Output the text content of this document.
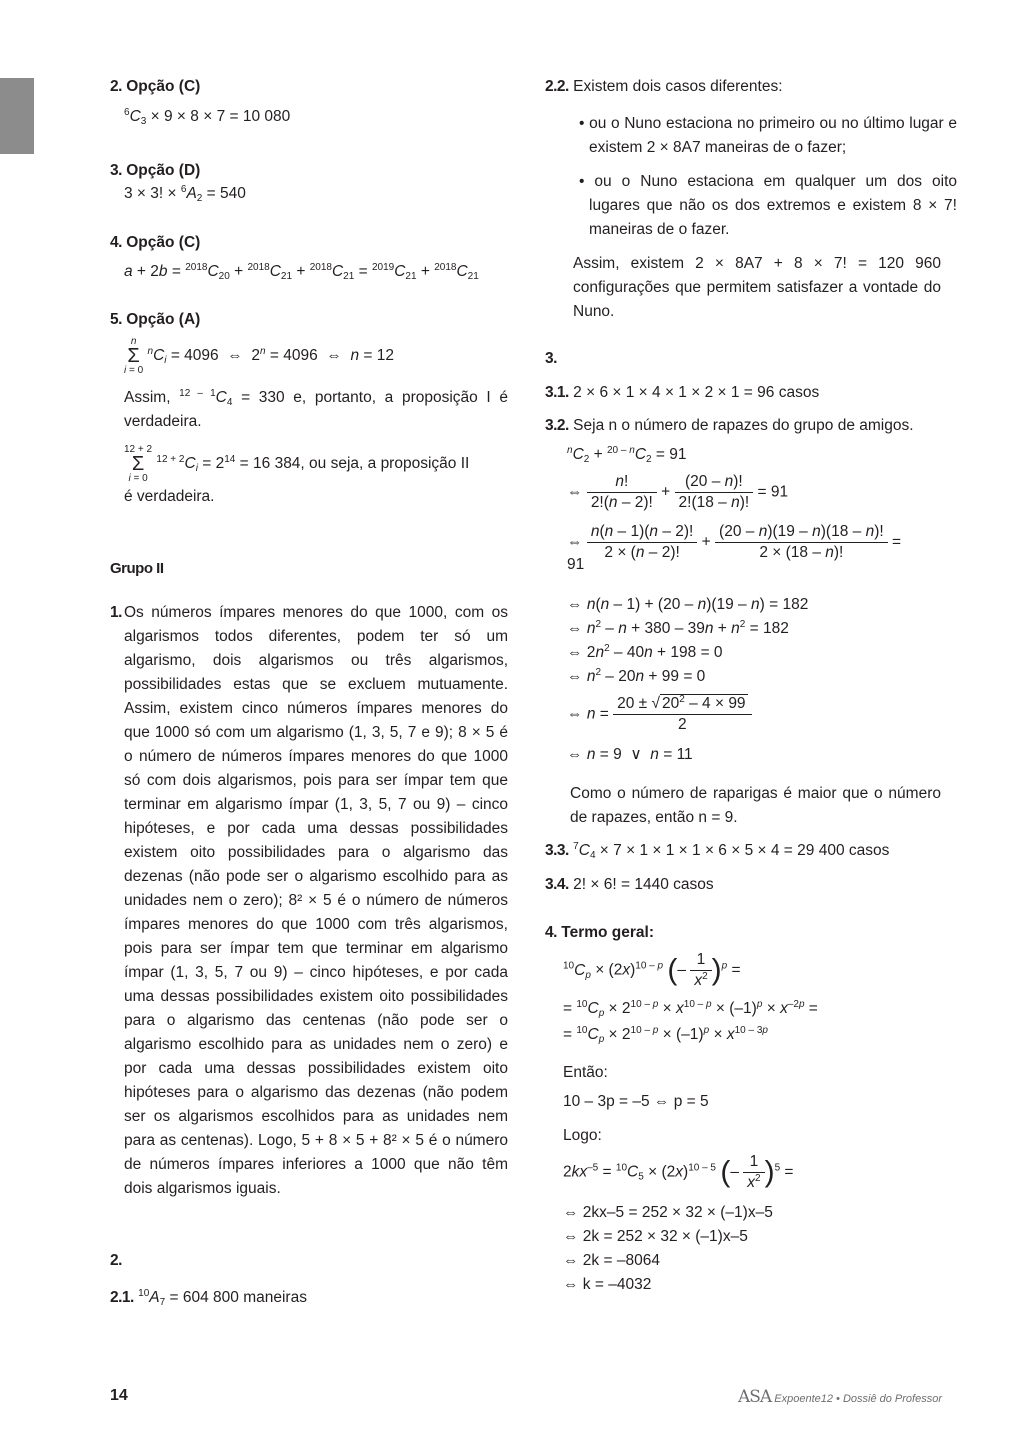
2. Opção (C)
$^6C_3 \times 9 \times 8 \times 7 = 10$ 080
3. Opção (D)
3 × 3! × $^6A_2 = 540$
4. Opção (C)
$a + 2b = ^{2018}C_{20} + ^{2018}C_{21} + ^{2018}C_{21} = ^{2019}C_{21} + ^{2018}C_{21}$
5. Opção (A)
n
Σ
i = 0
$^nC_i = 4096$  ⇔  $2^n = 4096$  ⇔  n = 12
Assim, $^{12 - 1}C_4 = 330$ e, portanto, a proposição I é verdadeira.
12 + 2
Σ
i = 0
$^{12 + 2}C_i = 2^{14} = 16$ 384, ou seja, a proposição II
é verdadeira.
Grupo II
1. Os números ímpares menores do que 1000, com os algarismos todos diferentes, podem ter só um algarismo, dois algarismos ou três algarismos, possibilidades estas que se excluem mutuamente. Assim, existem cinco números ímpares menores do que 1000 só com um algarismo (1, 3, 5, 7 e 9); 8 × 5 é o número de números ímpares menores do que 1000 só com dois algarismos, pois para ser ímpar tem que terminar em algarismo ímpar (1, 3, 5, 7 ou 9) – cinco hipóteses, e por cada uma dessas possibilidades existem oito possibilidades para o algarismo das dezenas (não pode ser o algarismo escolhido para as unidades nem o zero); 8² × 5 é o número de números ímpares menores do que 1000 com três algarismos, pois para ser ímpar tem que terminar em algarismo ímpar (1, 3, 5, 7 ou 9) – cinco hipóteses, e por cada uma dessas possibilidades existem oito possibilidades para o algarismo das centenas (não pode ser o algarismo escolhido para as unidades nem o zero) e por cada uma dessas possibilidades existem oito hipóteses para o algarismo das dezenas (não podem ser os algarismos escolhidos para as unidades nem para as centenas). Logo, 5 + 8 × 5 + 8² × 5 é o número de números ímpares inferiores a 1000 que não têm dois algarismos iguais.
2.
2.1. $^{10}A_7 = 604$ 800 maneiras
2.2. Existem dois casos diferentes:
• ou o Nuno estaciona no primeiro ou no último lugar e existem 2 × 8A7 maneiras de o fazer;
• ou o Nuno estaciona em qualquer um dos oito lugares que não os dos extremos e existem 8 × 7! maneiras de o fazer.
Assim, existem 2 × 8A7 + 8 × 7! = 120 960 configurações que permitem satisfazer a vontade do Nuno.
3.
3.1. 2 × 6 × 1 × 4 × 1 × 2 × 1 = 96 casos
3.2. Seja n o número de rapazes do grupo de amigos.
$^nC_2 + ^{20 - n}C_2 = 91$
⇔ $\frac{n!}{2!(n - 2)!} + \frac{(20 - n)!}{2!(18 - n)!} = 91$
⇔ $\frac{n(n - 1)(n - 2)!}{2 \times (n - 2)!} + \frac{(20 - n)(19 - n)(18 - n)!}{2 \times (18 - n)!}$ =
91
⇔ n(n – 1) + (20 – n)(19 – n) = 182
⇔ $n^2 - n + 380 - 39n + n^2 = 182$
⇔ $2n^2 - 40n + 198 = 0$
⇔ $n^2 - 20n + 99 = 0$
⇔ $n = \frac{20 \pm √ 20^2 - 4 \times 99}{2}$
⇔ n = 9  ∨  n = 11
Como o número de raparigas é maior que o número de rapazes, então n = 9.
3.3. $^7C_4 \times 7 \times 1 \times 1 \times 1 \times 6 \times 5 \times 4 = 29$ 400 casos
3.4. 2! × 6! = 1440 casos
4. Termo geral:
$^{10}C_p \times (2x)^{10 - p}$ (– $\frac{1}{x^2} )^p$ =
= $^{10}C_p \times 2^{10 - p} \times x^{10 - p} \times (-1)^p \times x^{-2p}$ =
= $^{10}C_p \times 2^{10 - p} \times (-1)^p \times x^{10 - 3p}$
Então:
10 – 3p = –5 ⇔ p = 5
Logo:
$2kx^{-5} = ^{10}C_5 \times (2x)^{10 - 5}$ (– $\frac{1}{x^2} )^5$ =
⇔ 2kx–5 = 252 × 32 × (–1)x–5
⇔ 2k = 252 × 32 × (–1)x–5
⇔ 2k = –8064
⇔ k = –4032
14	ASA Expoente12 • Dossiê do Professor
